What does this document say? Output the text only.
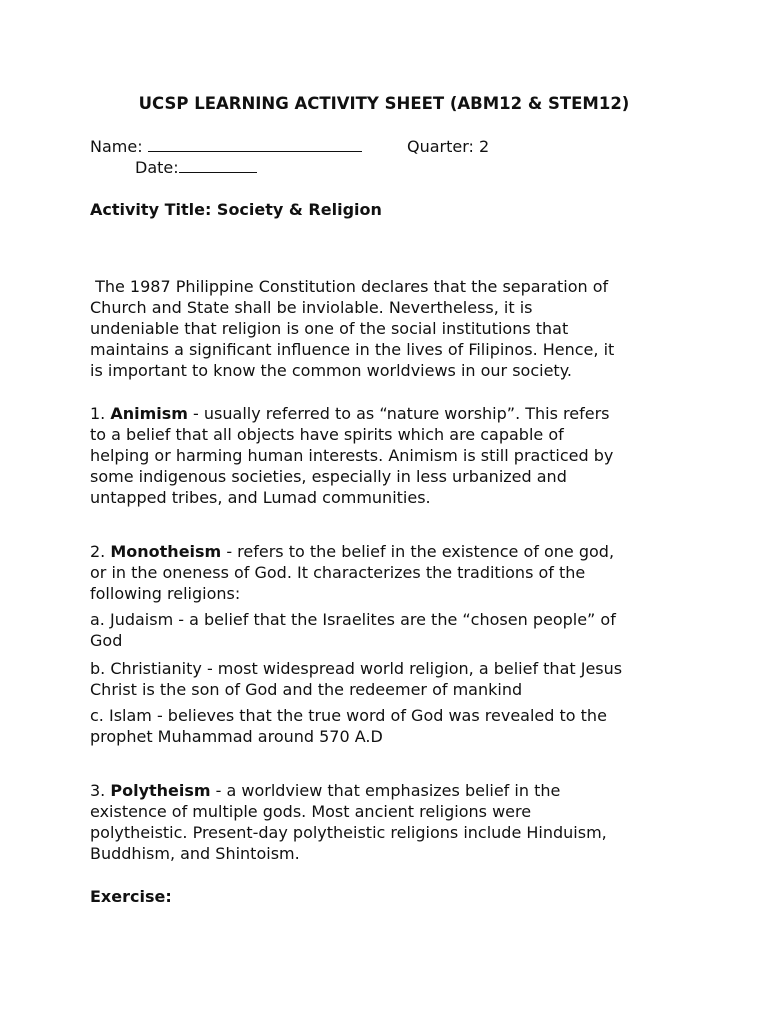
UCSP LEARNING ACTIVITY SHEET (ABM12 & STEM12)
Name:	Quarter: 2
Date:
Activity Title: Society & Religion
The 1987 Philippine Constitution declares that the separation of
Church and State shall be inviolable. Nevertheless, it is
undeniable that religion is one of the social institutions that
maintains a significant influence in the lives of Filipinos. Hence, it
is important to know the common worldviews in our society.
1. Animism - usually referred to as “nature worship”. This refers
to a belief that all objects have spirits which are capable of
helping or harming human interests. Animism is still practiced by
some indigenous societies, especially in less urbanized and
untapped tribes, and Lumad communities.
2. Monotheism - refers to the belief in the existence of one god,
or in the oneness of God. It characterizes the traditions of the
following religions:
a. Judaism - a belief that the Israelites are the “chosen people” of
God
b. Christianity - most widespread world religion, a belief that Jesus
Christ is the son of God and the redeemer of mankind
c. Islam - believes that the true word of God was revealed to the
prophet Muhammad around 570 A.D
3. Polytheism - a worldview that emphasizes belief in the
existence of multiple gods. Most ancient religions were
polytheistic. Present-day polytheistic religions include Hinduism,
Buddhism, and Shintoism.
Exercise:
